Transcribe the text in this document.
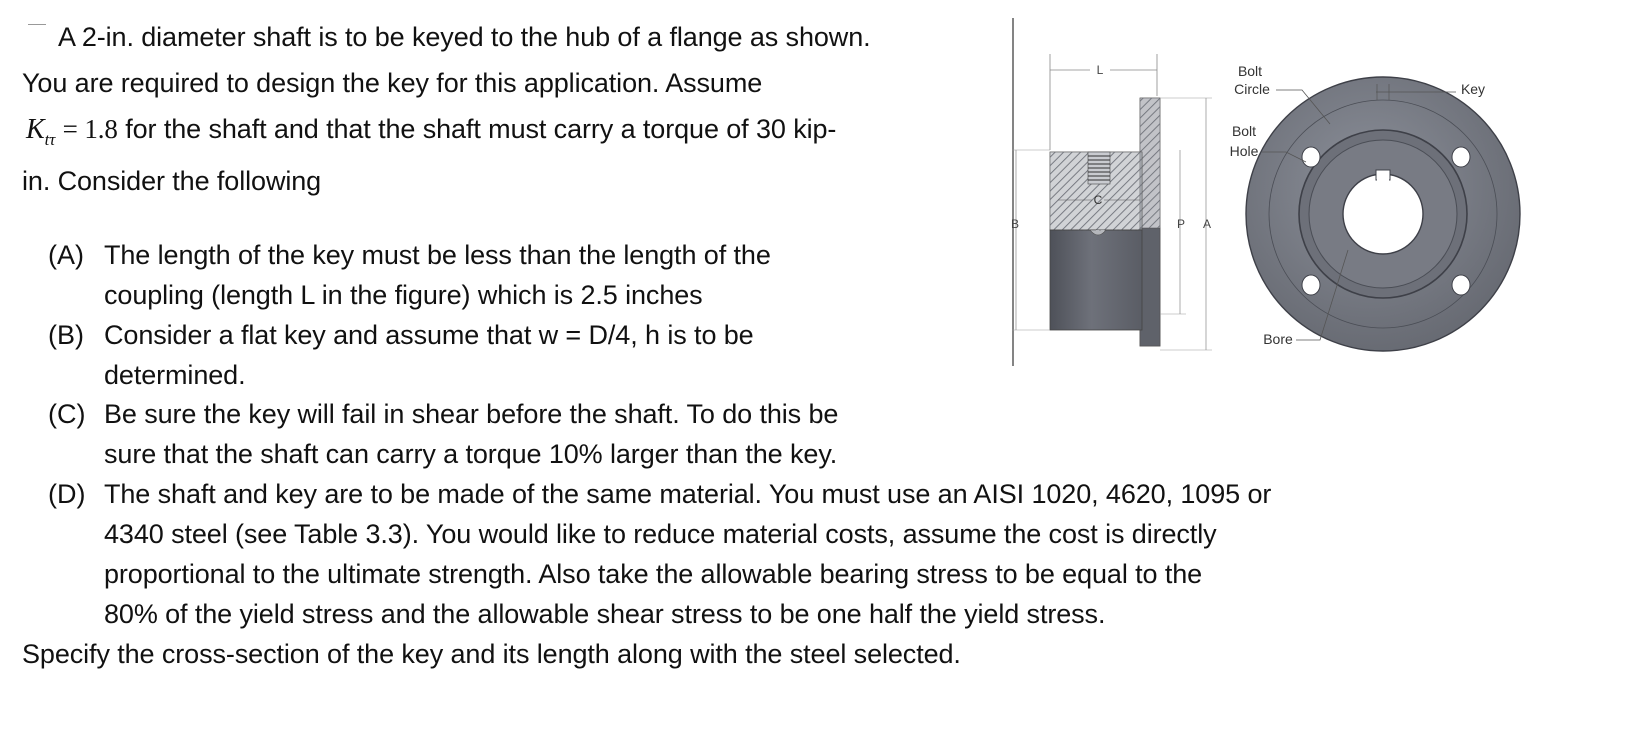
A 2-in. diameter shaft is to be keyed to the hub of a flange as shown.
You are required to design the key for this application. Assume
$K_{t\tau} = 1.8$ for the shaft and that the shaft must carry a torque of 30 kip-
in. Consider the following
(A) The length of the key must be less than the length of the
coupling (length L in the figure) which is 2.5 inches
(B) Consider a flat key and assume that w = D/4, h is to be
determined.
(C) Be sure the key will fail in shear before the shaft. To do this be
sure that the shaft can carry a torque 10% larger than the key.
(D) The shaft and key are to be made of the same material. You must use an AISI 1020, 4620, 1095 or
4340 steel (see Table 3.3). You would like to reduce material costs, assume the cost is directly
proportional to the ultimate strength. Also take the allowable bearing stress to be equal to the
80% of the yield stress and the allowable shear stress to be one half the yield stress.
Specify the cross-section of the key and its length along with the steel selected.
L
C
B	P A
Bolt
Circle
Bolt
Hole
Key
Bore
